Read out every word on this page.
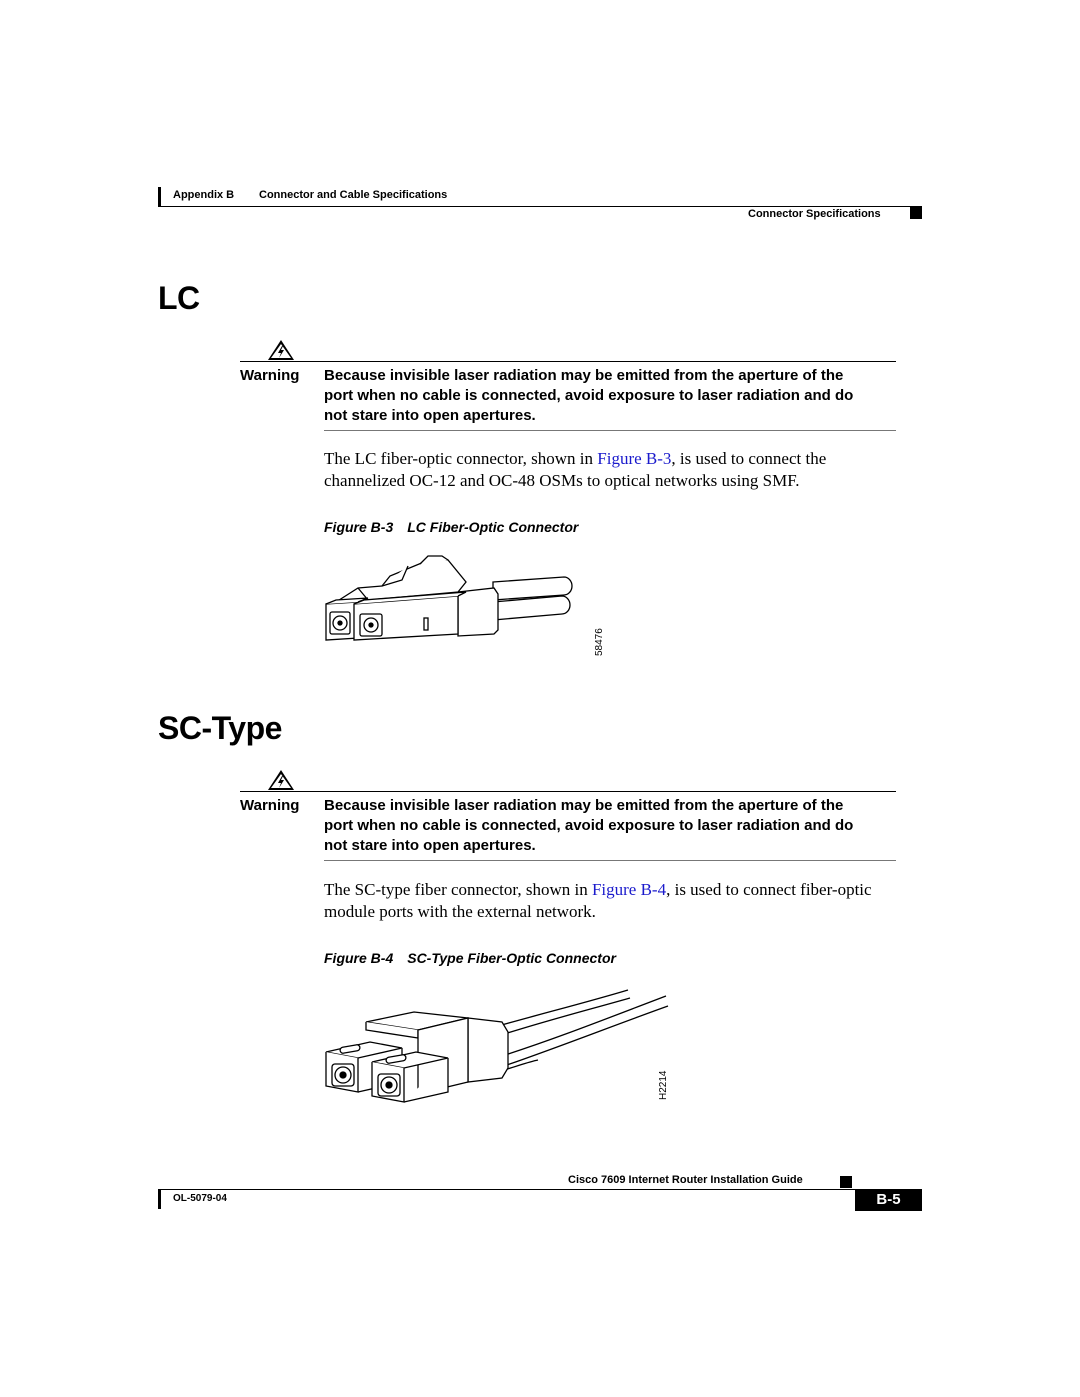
Appendix B Connector and Cable Specifications
Connector Specifications
LC
Warning Because invisible laser radiation may be emitted from the aperture of the
port when no cable is connected, avoid exposure to laser radiation and do
not stare into open apertures.
The LC fiber-optic connector, shown in Figure B-3, is used to connect the
channelized OC-12 and OC-48 OSMs to optical networks using SMF.
Figure B-3 LC Fiber-Optic Connector
58476
SC-Type
Warning Because invisible laser radiation may be emitted from the aperture of the
port when no cable is connected, avoid exposure to laser radiation and do
not stare into open apertures.
The SC-type fiber connector, shown in Figure B-4, is used to connect fiber-optic
module ports with the external network.
Figure B-4 SC-Type Fiber-Optic Connector
H2214
Cisco 7609 Internet Router Installation Guide
OL-5079-04	B-5
